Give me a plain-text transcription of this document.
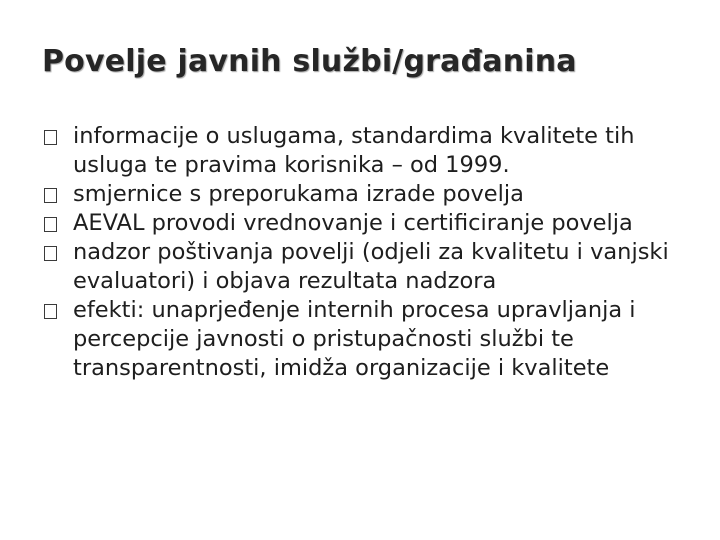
Povelje javnih službi/građanina
informacije o uslugama, standardima kvalitete tih usluga te pravima korisnika – od 1999.
smjernice s preporukama izrade povelja
AEVAL provodi vrednovanje i certificiranje povelja
nadzor poštivanja povelji (odjeli za kvalitetu i vanjski evaluatori) i objava rezultata nadzora
efekti: unaprjeđenje internih procesa upravljanja i percepcije javnosti o pristupačnosti službi te transparentnosti, imidža organizacije i kvalitete
